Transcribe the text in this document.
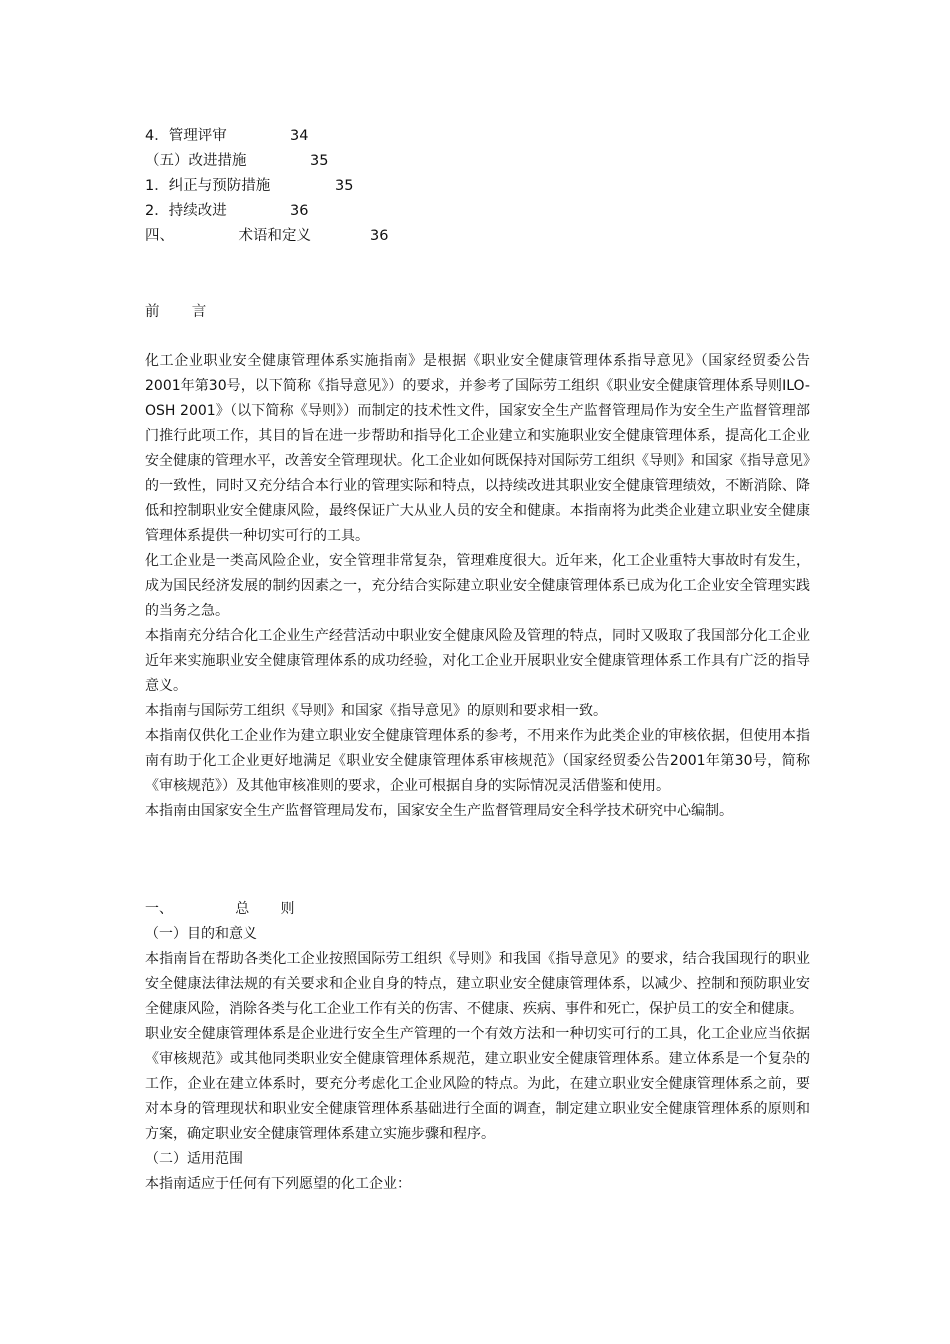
4．管理评审	34
（五）改进措施	35
1．纠正与预防措施	35
2．持续改进	36
四、              术语和定义	36
前       言

化工企业职业安全健康管理体系实施指南》是根据《职业安全健康管理体系指导意见》（国家经贸委公告2001年第30号，以下简称《指导意见》）的要求，并参考了国际劳工组织《职业安全健康管理体系导则ILO-OSH 2001》（以下简称《导则》）而制定的技术性文件，国家安全生产监督管理局作为安全生产监督管理部门推行此项工作，其目的旨在进一步帮助和指导化工企业建立和实施职业安全健康管理体系，提高化工企业安全健康的管理水平，改善安全管理现状。化工企业如何既保持对国际劳工组织《导则》和国家《指导意见》的一致性，同时又充分结合本行业的管理实际和特点，以持续改进其职业安全健康管理绩效，不断消除、降低和控制职业安全健康风险，最终保证广大从业人员的安全和健康。本指南将为此类企业建立职业安全健康管理体系提供一种切实可行的工具。

化工企业是一类高风险企业，安全管理非常复杂，管理难度很大。近年来，化工企业重特大事故时有发生，成为国民经济发展的制约因素之一，充分结合实际建立职业安全健康管理体系已成为化工企业安全管理实践的当务之急。

本指南充分结合化工企业生产经营活动中职业安全健康风险及管理的特点，同时又吸取了我国部分化工企业近年来实施职业安全健康管理体系的成功经验，对化工企业开展职业安全健康管理体系工作具有广泛的指导意义。

本指南与国际劳工组织《导则》和国家《指导意见》的原则和要求相一致。

本指南仅供化工企业作为建立职业安全健康管理体系的参考，不用来作为此类企业的审核依据，但使用本指南有助于化工企业更好地满足《职业安全健康管理体系审核规范》（国家经贸委公告2001年第30号，简称《审核规范》）及其他审核准则的要求，企业可根据自身的实际情况灵活借鉴和使用。

本指南由国家安全生产监督管理局发布，国家安全生产监督管理局安全科学技术研究中心编制。

一、              总       则
（一）目的和意义

本指南旨在帮助各类化工企业按照国际劳工组织《导则》和我国《指导意见》的要求，结合我国现行的职业安全健康法律法规的有关要求和企业自身的特点，建立职业安全健康管理体系，以减少、控制和预防职业安全健康风险，消除各类与化工企业工作有关的伤害、不健康、疾病、事件和死亡，保护员工的安全和健康。

职业安全健康管理体系是企业进行安全生产管理的一个有效方法和一种切实可行的工具，化工企业应当依据《审核规范》或其他同类职业安全健康管理体系规范，建立职业安全健康管理体系。建立体系是一个复杂的工作，企业在建立体系时，要充分考虑化工企业风险的特点。为此，在建立职业安全健康管理体系之前，要对本身的管理现状和职业安全健康管理体系基础进行全面的调查，制定建立职业安全健康管理体系的原则和方案，确定职业安全健康管理体系建立实施步骤和程序。

（二）适用范围

本指南适应于任何有下列愿望的化工企业：
